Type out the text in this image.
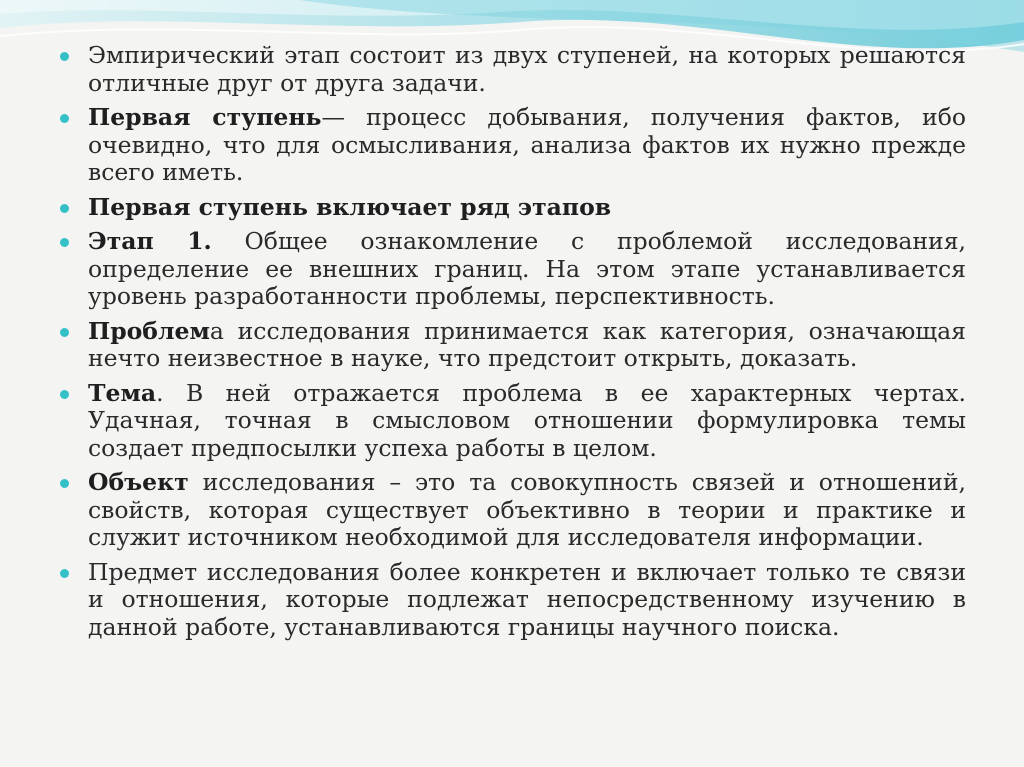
Эмпирический этап состоит из двух ступеней, на которых решаются отличные друг от друга задачи.
Первая ступень— процесс добывания, получения фактов, ибо очевидно, что для осмысливания, анализа фактов их нужно прежде всего иметь.
Первая ступень включает ряд этапов
Этап 1. Общее ознакомление с проблемой исследования, определение ее внешних границ. На этом этапе устанавливается уровень разработанности проблемы, перспективность.
Проблема исследования принимается как категория, означающая нечто неизвестное в науке, что предстоит открыть, доказать.
Тема. В ней отражается проблема в ее характерных чертах. Удачная, точная в смысловом отношении формулировка темы создает предпосылки успеха работы в целом.
Объект исследования – это та совокупность связей и отношений, свойств, которая существует объективно в теории и практике и служит источником необходимой для исследователя информации.
Предмет исследования более конкретен и включает только те связи и отношения, которые подлежат непосредственному изучению в данной работе, устанавливаются границы научного поиска.
